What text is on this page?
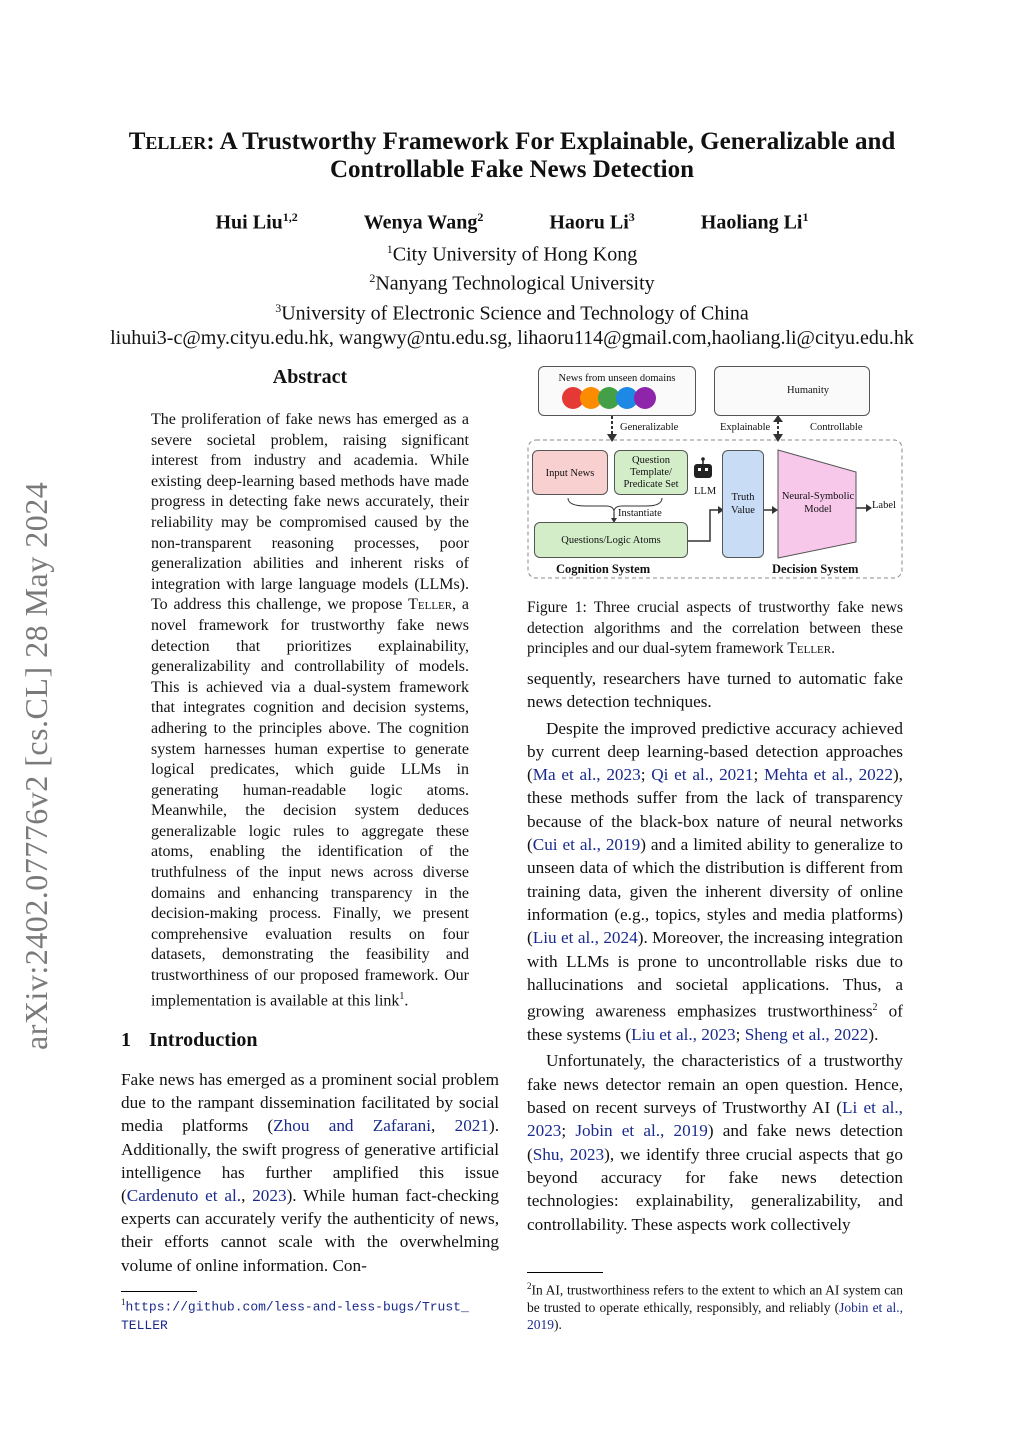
arXiv:2402.07776v2 [cs.CL] 28 May 2024
Teller: A Trustworthy Framework For Explainable, Generalizable and
Controllable Fake News Detection
Hui Liu$^{1,2}$	Wenya Wang$^2$	Haoru Li$^3$	Haoliang Li$^1$
$^1$City University of Hong Kong
$^2$Nanyang Technological University
$^3$University of Electronic Science and Technology of China
liuhui3-c@my.cityu.edu.hk, wangwy@ntu.edu.sg, lihaoru114@gmail.com,haoliang.li@cityu.edu.hk
Abstract
The proliferation of fake news has emerged as a severe societal problem, raising significant interest from industry and academia. While existing deep-learning based methods have made progress in detecting fake news accurately, their reliability may be compromised caused by the non-transparent reasoning processes, poor generalization abilities and inherent risks of integration with large language models (LLMs). To address this challenge, we propose Teller, a novel framework for trustworthy fake news detection that prioritizes explainability, generalizability and controllability of models. This is achieved via a dual-system framework that integrates cognition and decision systems, adhering to the principles above. The cognition system harnesses human expertise to generate logical predicates, which guide LLMs in generating human-readable logic atoms. Meanwhile, the decision system deduces generalizable logic rules to aggregate these atoms, enabling the identification of the truthfulness of the input news across diverse domains and enhancing transparency in the decision-making process. Finally, we present comprehensive evaluation results on four datasets, demonstrating the feasibility and trustworthiness of our proposed framework. Our implementation is available at this link$^1$.
1 Introduction
Fake news has emerged as a prominent social problem due to the rampant dissemination facilitated by social media platforms (Zhou and Zafarani, 2021). Additionally, the swift progress of generative artificial intelligence has further amplified this issue (Cardenuto et al., 2023). While human fact-checking experts can accurately verify the authenticity of news, their efforts cannot scale with the overwhelming volume of online information. Con-
$^1$https://github.com/less-and-less-bugs/Trust_
TELLER
News from unseen domains
Humanity
Generalizable	Explainable	Controllable
Input News
Question Template/ Predicate Set
LLM
Instantiate
Questions/Logic Atoms
Truth Value
Neural-Symbolic Model	Label
Cognition System	Decision System
Figure 1: Three crucial aspects of trustworthy fake news detection algorithms and the correlation between these principles and our dual-sytem framework Teller.

sequently, researchers have turned to automatic fake news detection techniques.

Despite the improved predictive accuracy achieved by current deep learning-based detection approaches (Ma et al., 2023; Qi et al., 2021; Mehta et al., 2022), these methods suffer from the lack of transparency because of the black-box nature of neural networks (Cui et al., 2019) and a limited ability to generalize to unseen data of which the distribution is different from training data, given the inherent diversity of online information (e.g., topics, styles and media platforms) (Liu et al., 2024). Moreover, the increasing integration with LLMs is prone to uncontrollable risks due to hallucinations and societal applications. Thus, a growing awareness emphasizes trustworthiness$^2$ of these systems (Liu et al., 2023; Sheng et al., 2022).

Unfortunately, the characteristics of a trustworthy fake news detector remain an open question. Hence, based on recent surveys of Trustworthy AI (Li et al., 2023; Jobin et al., 2019) and fake news detection (Shu, 2023), we identify three crucial aspects that go beyond accuracy for fake news detection technologies: explainability, generalizability, and controllability. These aspects work collectively

$^2$In AI, trustworthiness refers to the extent to which an AI system can be trusted to operate ethically, responsibly, and reliably (Jobin et al., 2019).
